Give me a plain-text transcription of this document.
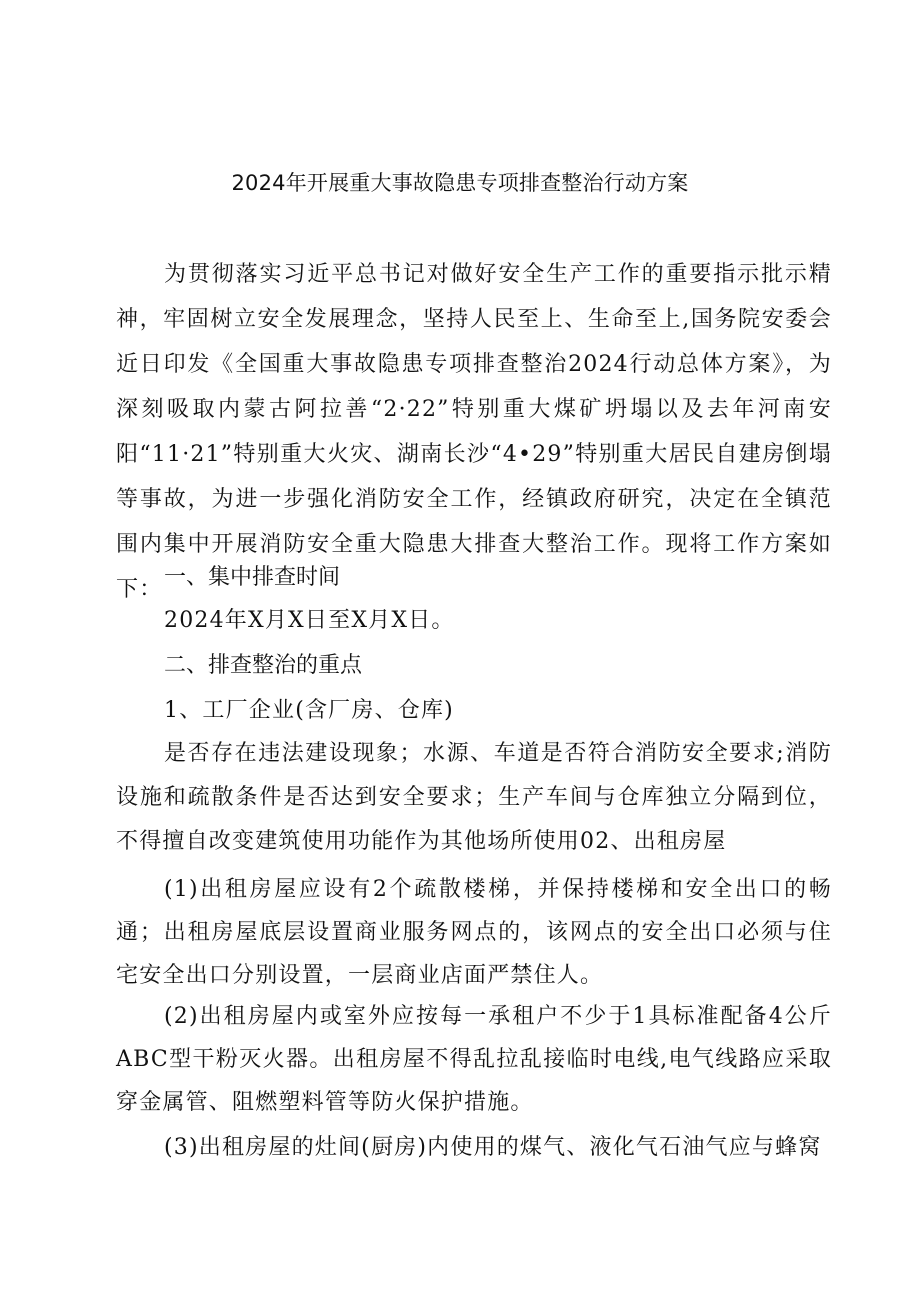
2024年开展重大事故隐患专项排查整治行动方案

为贯彻落实习近平总书记对做好安全生产工作的重要指示批示精神，牢固树立安全发展理念，坚持人民至上、生命至上,国务院安委会近日印发《全国重大事故隐患专项排查整治2024行动总体方案》，为深刻吸取内蒙古阿拉善“2·22”特别重大煤矿坍塌以及去年河南安阳“11·21”特别重大火灾、湖南长沙“4•29”特别重大居民自建房倒塌等事故，为进一步强化消防安全工作，经镇政府研究，决定在全镇范围内集中开展消防安全重大隐患大排查大整治工作。现将工作方案如下： 一、集中排查时间
2024年X月X日至X月X日。
二、排查整治的重点
1、工厂企业(含厂房、仓库)

是否存在违法建设现象；水源、车道是否符合消防安全要求;消防设施和疏散条件是否达到安全要求；生产车间与仓库独立分隔到位，不得擅自改变建筑使用功能作为其他场所使用02、出租房屋

(1)出租房屋应设有2个疏散楼梯，并保持楼梯和安全出口的畅通；出租房屋底层设置商业服务网点的，该网点的安全出口必须与住宅安全出口分别设置，一层商业店面严禁住人。

(2)出租房屋内或室外应按每一承租户不少于1具标准配备4公斤ABC型干粉灭火器。出租房屋不得乱拉乱接临时电线,电气线路应采取穿金属管、阻燃塑料管等防火保护措施。

(3)出租房屋的灶间(厨房)内使用的煤气、液化气石油气应与蜂窝
